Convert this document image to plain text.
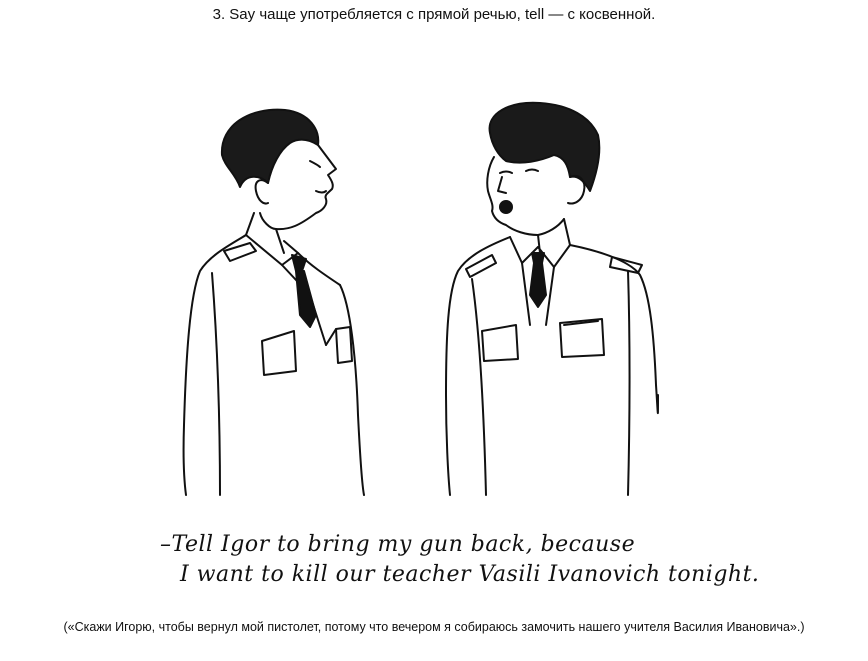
3. Say чаще употребляется с прямой речью, tell — с косвенной.
–Tell Igor to bring my gun back, because
I want to kill our teacher Vasili Ivanovich tonight.
(«Скажи Игорю, чтобы вернул мой пистолет, потому что вечером я собираюсь замочить нашего учителя Василия Ивановича».)
